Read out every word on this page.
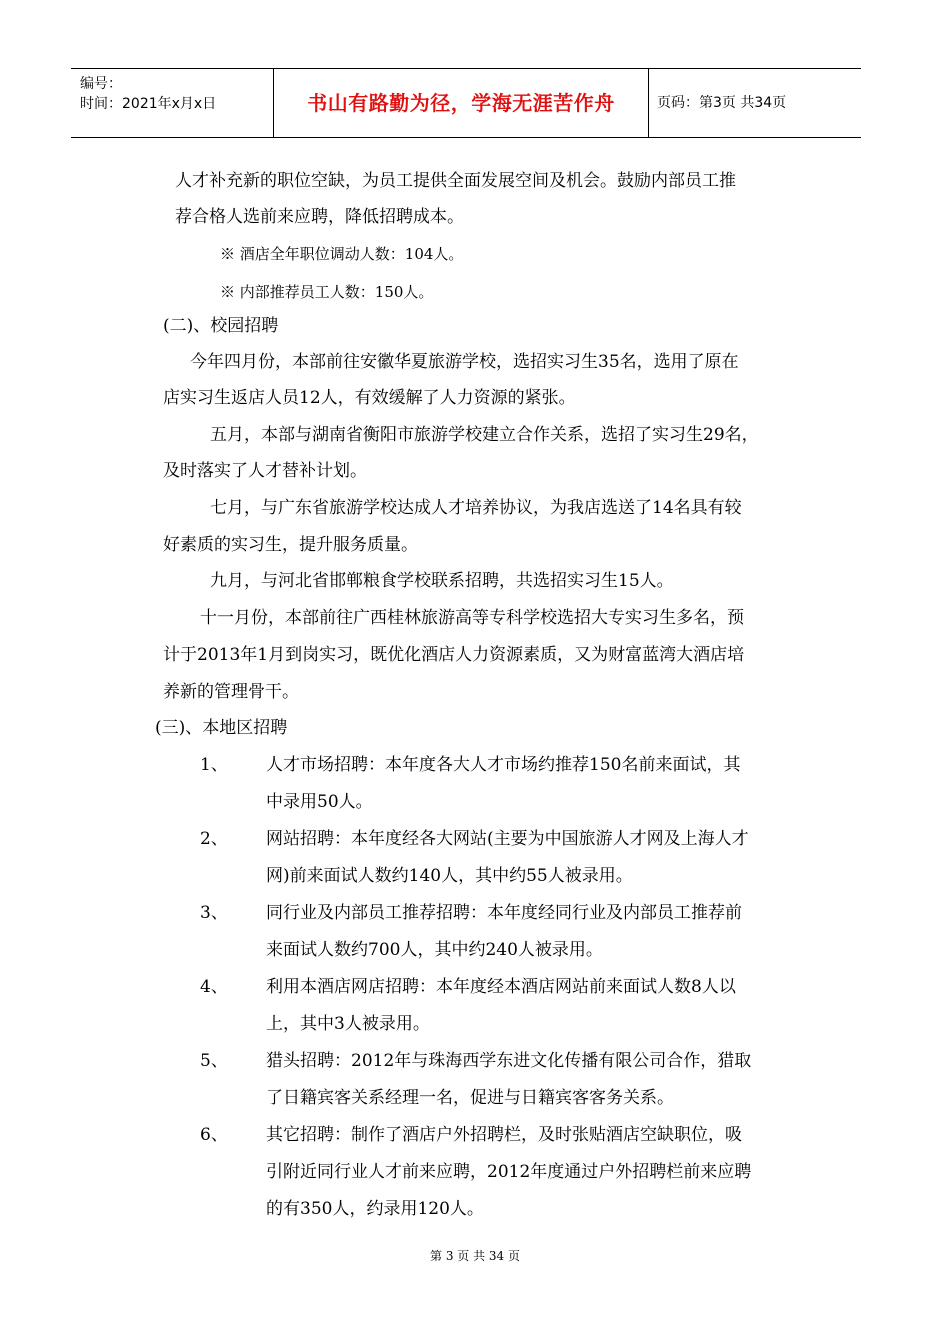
编号：
时间：2021年x月x日	书山有路勤为径，学海无涯苦作舟	页码：第3页 共34页
人才补充新的职位空缺，为员工提供全面发展空间及机会。鼓励内部员工推
荐合格人选前来应聘，降低招聘成本。
※ 酒店全年职位调动人数：104人。
※ 内部推荐员工人数：150人。
(二)、校园招聘
今年四月份，本部前往安徽华夏旅游学校，选招实习生35名，选用了原在
店实习生返店人员12人，有效缓解了人力资源的紧张。
五月，本部与湖南省衡阳市旅游学校建立合作关系，选招了实习生29名，
及时落实了人才替补计划。
七月，与广东省旅游学校达成人才培养协议，为我店选送了14名具有较
好素质的实习生，提升服务质量。
九月，与河北省邯郸粮食学校联系招聘，共选招实习生15人。
十一月份，本部前往广西桂林旅游高等专科学校选招大专实习生多名，预
计于2013年1月到岗实习，既优化酒店人力资源素质，又为财富蓝湾大酒店培
养新的管理骨干。
(三)、本地区招聘
1、 人才市场招聘：本年度各大人才市场约推荐150名前来面试，其
中录用50人。
2、 网站招聘：本年度经各大网站(主要为中国旅游人才网及上海人才
网)前来面试人数约140人，其中约55人被录用。
3、 同行业及内部员工推荐招聘：本年度经同行业及内部员工推荐前
来面试人数约700人，其中约240人被录用。
4、 利用本酒店网店招聘：本年度经本酒店网站前来面试人数8人以
上，其中3人被录用。
5、 猎头招聘：2012年与珠海西学东进文化传播有限公司合作，猎取
了日籍宾客关系经理一名，促进与日籍宾客客务关系。
6、 其它招聘：制作了酒店户外招聘栏，及时张贴酒店空缺职位，吸
引附近同行业人才前来应聘，2012年度通过户外招聘栏前来应聘
的有350人，约录用120人。
第 3 页 共 34 页
